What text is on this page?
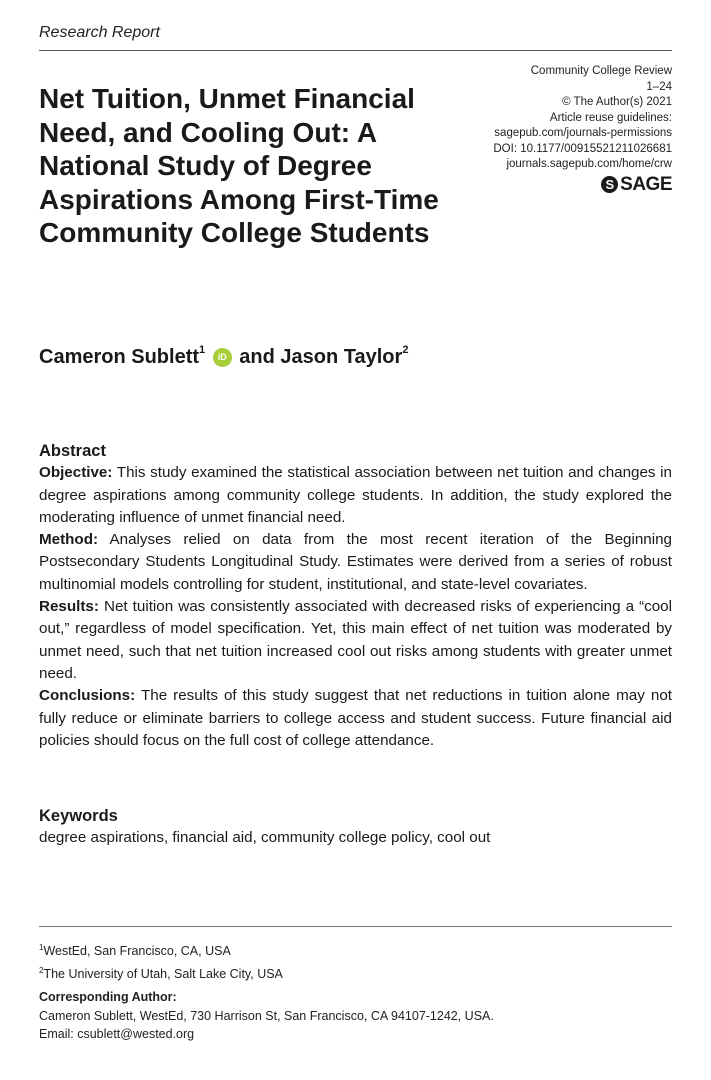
Research Report
Net Tuition, Unmet Financial Need, and Cooling Out: A National Study of Degree Aspirations Among First-Time Community College Students
Community College Review
1–24
© The Author(s) 2021
Article reuse guidelines:
sagepub.com/journals-permissions
DOI: 10.1177/00915521211026681
journals.sagepub.com/home/crw
S SAGE
Cameron Sublett$^1$ iD and Jason Taylor$^2$
Abstract

Objective: This study examined the statistical association between net tuition and changes in degree aspirations among community college students. In addition, the study explored the moderating influence of unmet financial need.

Method: Analyses relied on data from the most recent iteration of the Beginning Postsecondary Students Longitudinal Study. Estimates were derived from a series of robust multinomial models controlling for student, institutional, and state-level covariates.

Results: Net tuition was consistently associated with decreased risks of experiencing a “cool out,” regardless of model specification. Yet, this main effect of net tuition was moderated by unmet need, such that net tuition increased cool out risks among students with greater unmet need.

Conclusions: The results of this study suggest that net reductions in tuition alone may not fully reduce or eliminate barriers to college access and student success. Future financial aid policies should focus on the full cost of college attendance.

Keywords
degree aspirations, financial aid, community college policy, cool out
$^1$WestEd, San Francisco, CA, USA
$^2$The University of Utah, Salt Lake City, USA
Corresponding Author:
Cameron Sublett, WestEd, 730 Harrison St, San Francisco, CA 94107-1242, USA.
Email: csublett@wested.org
